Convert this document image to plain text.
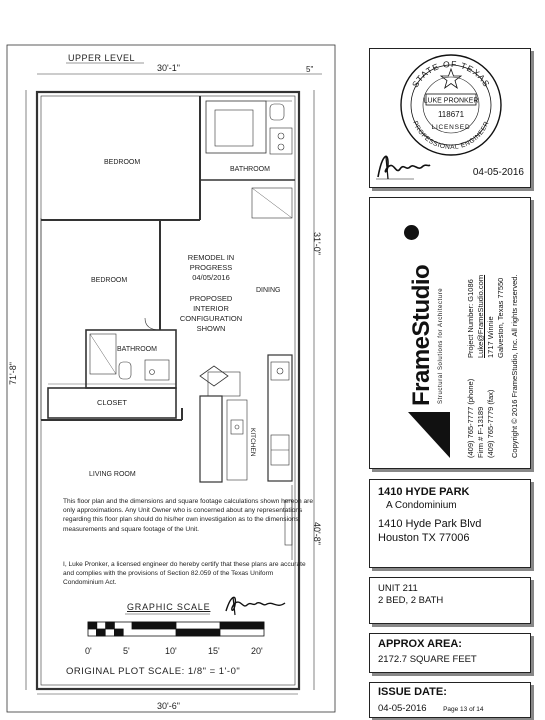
UPPER LEVEL
30'-1"	5"
30'-6"
71'-8"
31'-0"
40'-8"
BEDROOM
BATHROOM
BEDROOM
DINING
BATHROOM
CLOSET
KITCHEN
LIVING ROOM
REMODEL IN
PROGRESS
04/05/2016
PROPOSED
INTERIOR
CONFIGURATION
SHOWN
This floor plan and the dimensions and square footage calculations shown hereon are only approximations. Any Unit Owner who is concerned about any representations regarding this floor plan should do his/her own investigation as to the dimensions, measurements and square footage of the Unit.
I, Luke Pronker, a licensed engineer do hereby certify that these plans are accurate and complies with the provisions of Section 82.059 of the Texas Uniform Condominium Act.
GRAPHIC SCALE
0'	5'	10'	15'	20'
ORIGINAL PLOT SCALE: 1/8" = 1'-0"
STATE OF TEXAS
LUKE PRONKER
118671
LICENSED
PROFESSIONAL ENGINEER
04-05-2016
FrameStudio Structural Solutions for Architecture
(409) 765-7777 (phone) Firm # F-13189 (409) 765-7779 (fax)
Project Number: G1086 Luke@FrameStudio.com 1717 Winnie Galveston, Texas 77550 Copyright © 2016 FrameStudio, Inc. All rights reserved.
1410 HYDE PARK
A Condominium
1410 Hyde Park Blvd
Houston TX 77006
UNIT 211
2 BED, 2 BATH
APPROX AREA:
2172.7 SQUARE FEET
ISSUE DATE:
04-05-2016	Page 13 of 14
